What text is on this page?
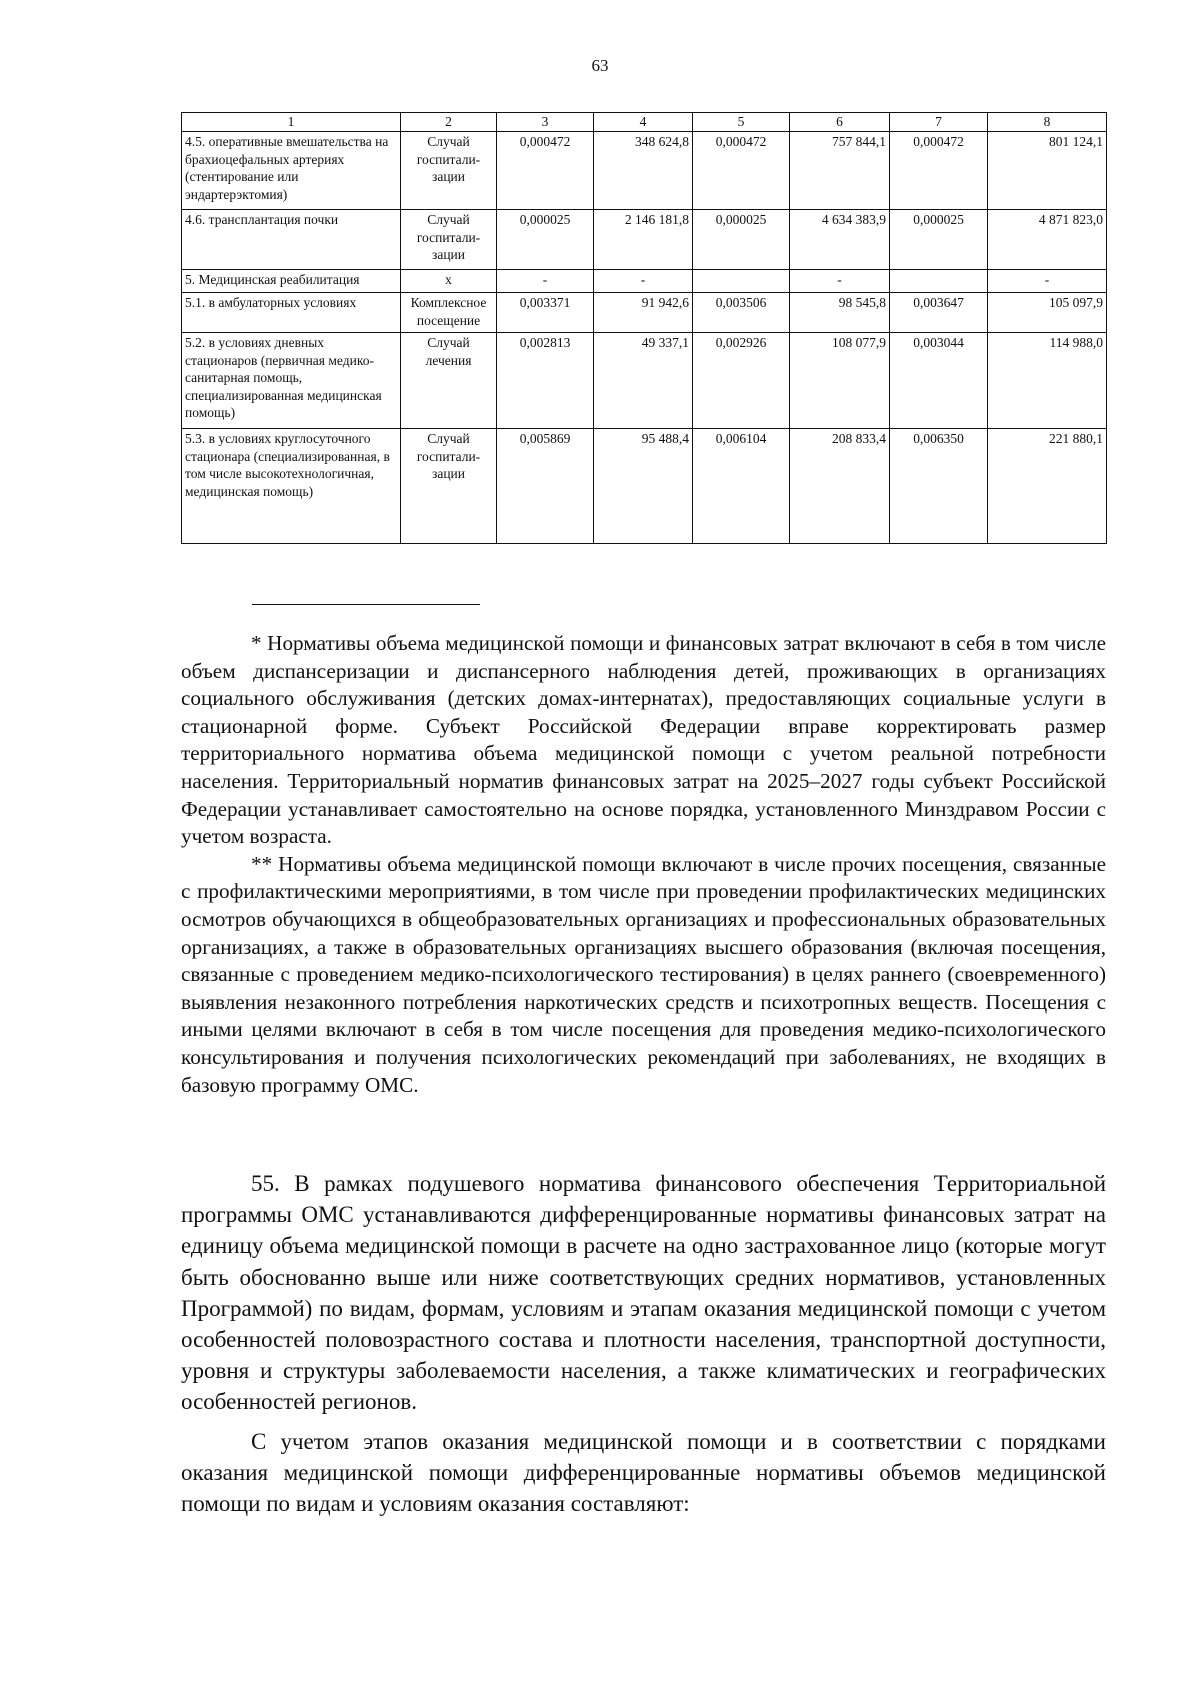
63
1	2	3	4	5	6	7	8
4.5. оперативные вмешательства на брахиоцефальных артериях (стентирование или эндартерэктомия)	Случай госпитали-зации	0,000472	348 624,8	0,000472	757 844,1	0,000472	801 124,1
4.6. трансплантация почки	Случай госпитали-зации	0,000025	2 146 181,8	0,000025	4 634 383,9	0,000025	4 871 823,0
5. Медицинская реабилитация	х	-	-		-		-
5.1. в амбулаторных условиях	Комплексное посещение	0,003371	91 942,6	0,003506	98 545,8	0,003647	105 097,9
5.2. в условиях дневных стационаров (первичная медико-санитарная помощь, специализированная медицинская помощь)	Случай лечения	0,002813	49 337,1	0,002926	108 077,9	0,003044	114 988,0
5.3. в условиях круглосуточного стационара (специализированная, в том числе высокотехнологичная, медицинская помощь)	Случай госпитали-зации	0,005869	95 488,4	0,006104	208 833,4	0,006350	221 880,1

* Нормативы объема медицинской помощи и финансовых затрат включают в себя в том числе объем диспансеризации и диспансерного наблюдения детей, проживающих в организациях социального обслуживания (детских домах-интернатах), предоставляющих социальные услуги в стационарной форме. Субъект Российской Федерации вправе корректировать размер территориального норматива объема медицинской помощи с учетом реальной потребности населения. Территориальный норматив финансовых затрат на 2025–2027 годы субъект Российской Федерации устанавливает самостоятельно на основе порядка, установленного Минздравом России с учетом возраста.

** Нормативы объема медицинской помощи включают в числе прочих посещения, связанные с профилактическими мероприятиями, в том числе при проведении профилактических медицинских осмотров обучающихся в общеобразовательных организациях и профессиональных образовательных организациях, а также в образовательных организациях высшего образования (включая посещения, связанные с проведением медико-психологического тестирования) в целях раннего (своевременного) выявления незаконного потребления наркотических средств и психотропных веществ. Посещения с иными целями включают в себя в том числе посещения для проведения медико-психологического консультирования и получения психологических рекомендаций при заболеваниях, не входящих в базовую программу ОМС.

55. В рамках подушевого норматива финансового обеспечения Территориальной программы ОМС устанавливаются дифференцированные нормативы финансовых затрат на единицу объема медицинской помощи в расчете на одно застрахованное лицо (которые могут быть обоснованно выше или ниже соответствующих средних нормативов, установленных Программой) по видам, формам, условиям и этапам оказания медицинской помощи с учетом особенностей половозрастного состава и плотности населения, транспортной доступности, уровня и структуры заболеваемости населения, а также климатических и географических особенностей регионов.

С учетом этапов оказания медицинской помощи и в соответствии с порядками оказания медицинской помощи дифференцированные нормативы объемов медицинской помощи по видам и условиям оказания составляют:
